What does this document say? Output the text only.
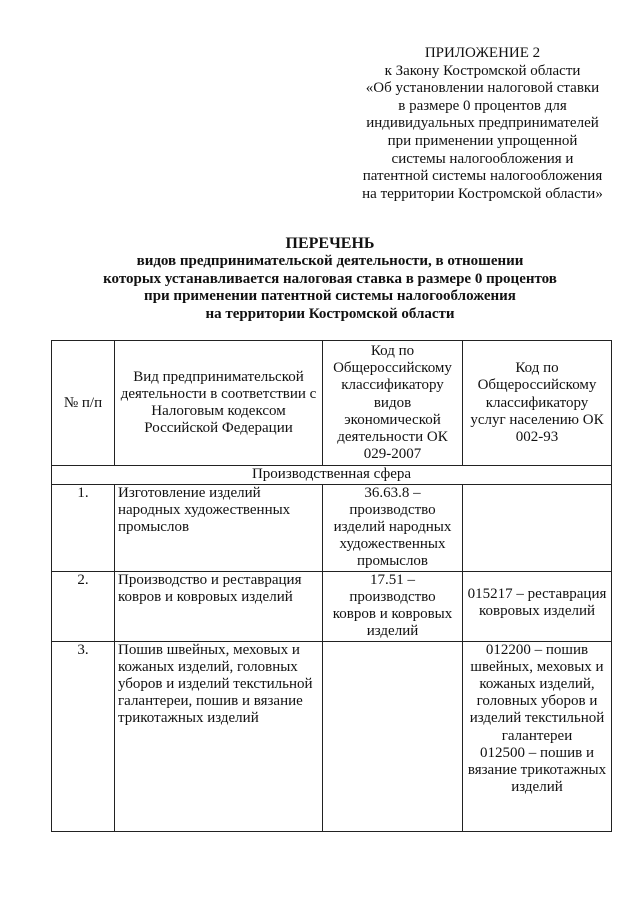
ПРИЛОЖЕНИЕ 2
к Закону Костромской области
«Об установлении налоговой ставки
в размере 0 процентов для
индивидуальных предпринимателей
при применении упрощенной
системы налогообложения и
патентной системы налогообложения
на территории Костромской области»
ПЕРЕЧЕНЬ
видов предпринимательской деятельности, в отношении
которых устанавливается налоговая ставка в размере 0 процентов
при применении патентной системы налогообложения
на территории Костромской области
№ п/п	Вид предпринимательской деятельности в соответствии с Налоговым кодексом Российской Федерации	Код по Общероссийскому классификатору видов экономической деятельности ОК 029-2007	Код по Общероссийскому классификатору услуг населению ОК 002-93
Производственная сфера			
1.	Изготовление изделий народных художественных промыслов	36.63.8 – производство изделий народных художественных промыслов	
2.	Производство и реставрация ковров и ковровых изделий	17.51 – производство ковров и ковровых изделий	015217 – реставрация ковровых изделий
3.	Пошив швейных, меховых и кожаных изделий, головных уборов и изделий текстильной галантереи, пошив и вязание трикотажных изделий		012200 – пошив швейных, меховых и кожаных изделий, головных уборов и изделий текстильной галантереи
012500 – пошив и вязание трикотажных изделий
